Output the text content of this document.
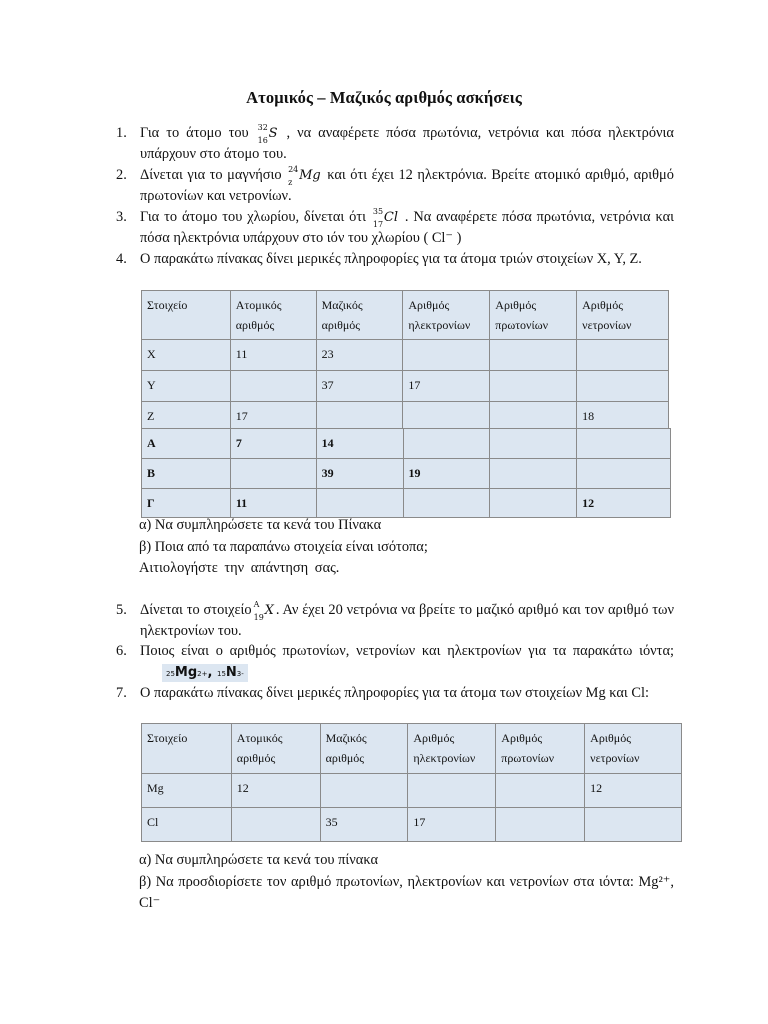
Ατομικός – Μαζικός αριθμός ασκήσεις
1. Για το άτομο του 32
16 S , να αναφέρετε πόσα πρωτόνια, νετρόνια και πόσα ηλεκτρόνια υπάρχουν στο άτομο του.
2. Δίνεται για το μαγνήσιο 24
z Mg και ότι έχει 12 ηλεκτρόνια. Βρείτε ατομικό αριθμό, αριθμό πρωτονίων και νετρονίων.
3. Για το άτομο του χλωρίου, δίνεται ότι 35
17 Cl . Να αναφέρετε πόσα πρωτόνια, νετρόνια και πόσα ηλεκτρόνια υπάρχουν στο ιόν του χλωρίου ( Cl⁻ )
4. Ο παρακάτω πίνακας δίνει μερικές πληροφορίες για τα άτομα τριών στοιχείων Χ, Υ, Ζ.
Στοιχείο	Ατομικός αριθμός	Μαζικός αριθμός	Αριθμός ηλεκτρονίων	Αριθμός πρωτονίων	Αριθμός νετρονίων
X	11	23			
Υ		37	17		
Ζ	17				18
A	7	14			
B		39	19		
Γ	11				12
α) Να συμπληρώσετε τα κενά του Πίνακα
β) Ποια από τα παραπάνω στοιχεία είναι ισότοπα;
Αιτιολογήστε την απάντηση σας.
5. Δίνεται το στοιχείο A
19 X . Αν έχει 20 νετρόνια να βρείτε το μαζικό αριθμό και τον αριθμό των ηλεκτρονίων του.
6. Ποιος είναι ο αριθμός πρωτονίων, νετρονίων και ηλεκτρονίων για τα παρακάτω ιόντα; 25Mg2+, 15N3-
7. Ο παρακάτω πίνακας δίνει μερικές πληροφορίες για τα άτομα των στοιχείων Mg και Cl:
Στοιχείο	Ατομικός αριθμός	Μαζικός αριθμός	Αριθμός ηλεκτρονίων	Αριθμός πρωτονίων	Αριθμός νετρονίων
Mg	12				12
Cl		35	17		
α) Να συμπληρώσετε τα κενά του πίνακα
β) Να προσδιορίσετε τον αριθμό πρωτονίων, ηλεκτρονίων και νετρονίων στα ιόντα: Mg²⁺, Cl⁻
